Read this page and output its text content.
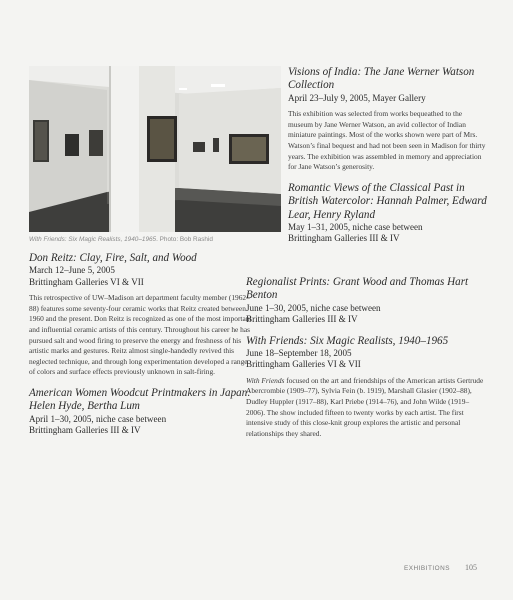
With Friends: Six Magic Realists, 1940–1965. Photo: Bob Rashid

Don Reitz: Clay, Fire, Salt, and Wood

March 12–June 5, 2005

Brittingham Galleries VI & VII

This retrospective of UW–Madison art department faculty member (1962–88) features some seventy-four ceramic works that Reitz created between 1960 and the present. Don Reitz is recognized as one of the most important and influential ceramic artists of this century. Throughout his career he has pursued salt and wood firing to preserve the energy and freshness of his artistic marks and gestures. Reitz almost single-handedly revived this neglected technique, and through long experimentation developed a range of colors and surface effects previously unknown in salt-firing.

American Women Woodcut Printmakers in Japan: Helen Hyde, Bertha Lum

April 1–30, 2005, niche case between

Brittingham Galleries III & IV

Visions of India: The Jane Werner Watson Collection

April 23–July 9, 2005, Mayer Gallery

This exhibition was selected from works bequeathed to the museum by Jane Werner Watson, an avid collector of Indian miniature paintings. Most of the works shown were part of Mrs. Watson’s final bequest and had not been seen in Madison for thirty years. The exhibition was assembled in memory and appreciation for Jane Watson’s generosity.

Romantic Views of the Classical Past in British Watercolor: Hannah Palmer, Edward Lear, Henry Ryland

May 1–31, 2005, niche case between

Brittingham Galleries III & IV

Regionalist Prints: Grant Wood and Thomas Hart Benton

June 1–30, 2005, niche case between

Brittingham Galleries III & IV

With Friends: Six Magic Realists, 1940–1965

June 18–September 18, 2005

Brittingham Galleries VI & VII

With Friends focused on the art and friendships of the American artists Gertrude Abercrombie (1909–77), Sylvia Fein (b. 1919), Marshall Glasier (1902–88), Dudley Huppler (1917–88), Karl Priebe (1914–76), and John Wilde (1919–2006). The show included fifteen to twenty works by each artist. The first intensive study of this close-knit group explores the artistic and personal relationships they shared.

EXHIBITIONS 105
